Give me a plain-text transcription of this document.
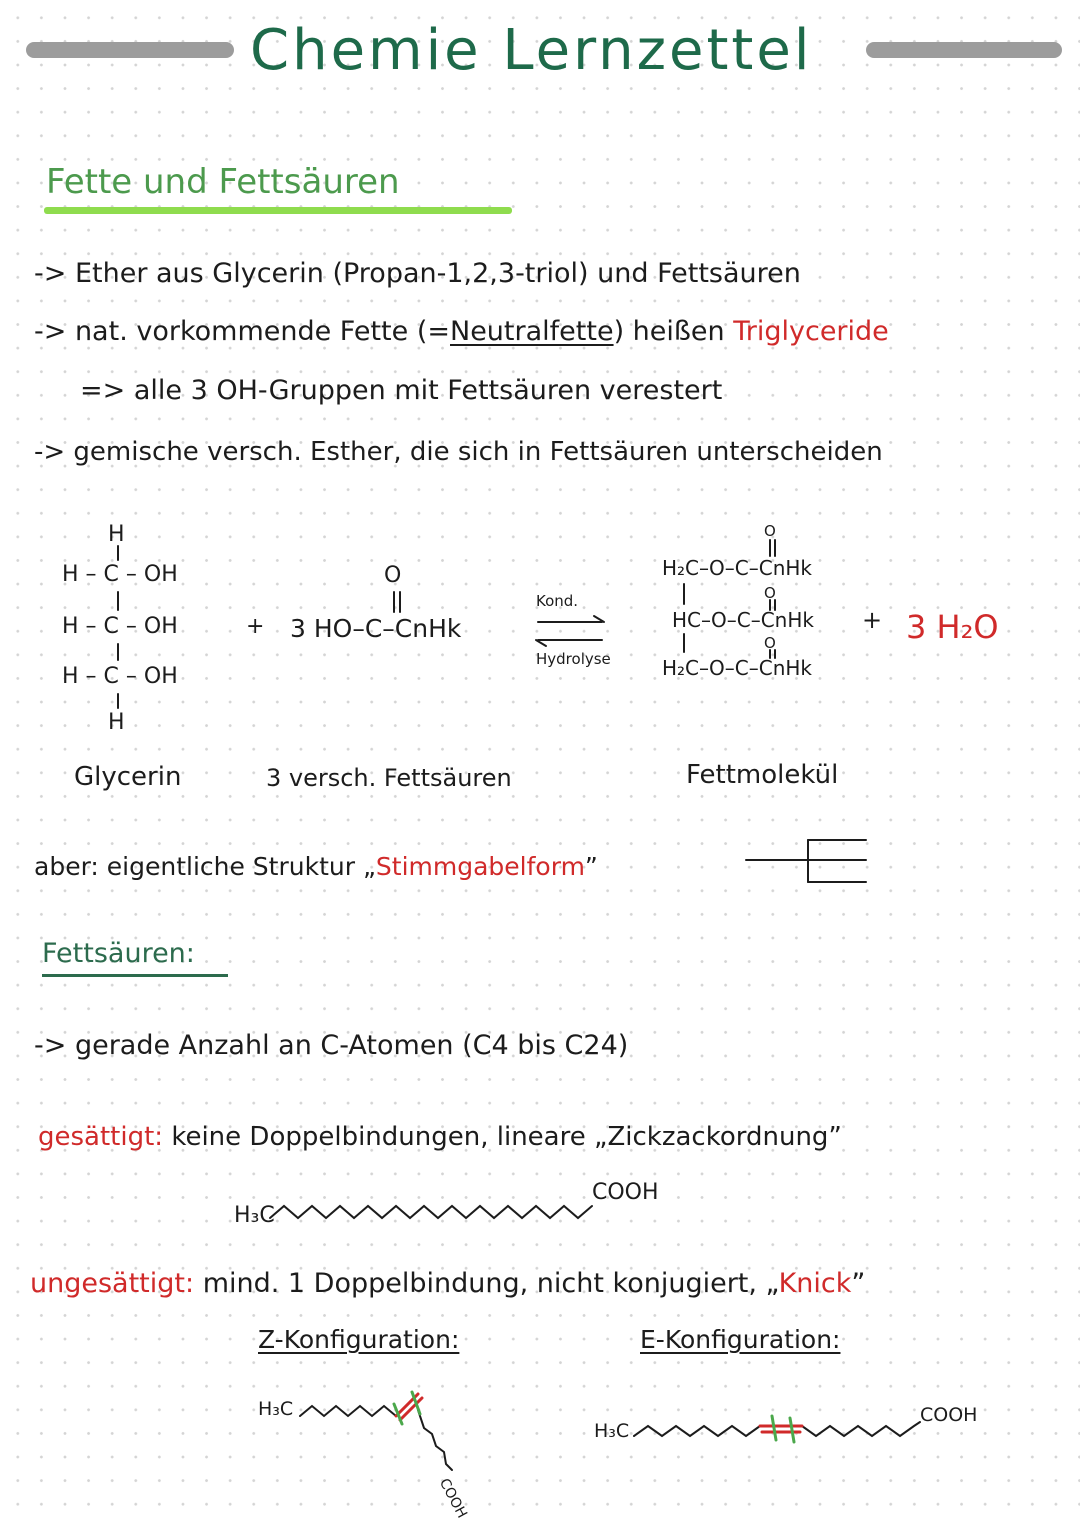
Chemie Lernzettel
Fette und Fettsäuren
-> Ether aus Glycerin (Propan-1,2,3-triol) und Fettsäuren
-> nat. vorkommende Fette (=Neutralfette) heißen Triglyceride
=> alle 3 OH-Gruppen mit Fettsäuren verestert
-> gemische versch. Esther, die sich in Fettsäuren unterscheiden
H
H – C – OH
H – C – OH
H – C – OH
H
+
O
3 HO–C–CnHk
Kond.
Hydrolyse
O
H₂C–O–C–CnHk
O
HC–O–C–CnHk
O
H₂C–O–C–CnHk
+ 3 H₂O
Glycerin	3 versch. Fettsäuren	Fettmolekül
aber: eigentliche Struktur „Stimmgabelform”
Fettsäuren:
-> gerade Anzahl an C-Atomen (C4 bis C24)
gesättigt: keine Doppelbindungen, lineare „Zickzackordnung”
H₃C
COOH
ungesättigt: mind. 1 Doppelbindung, nicht konjugiert, „Knick”
Z-Konfiguration:	E-Konfiguration:
H₃C
COOH
H₃C
COOH
